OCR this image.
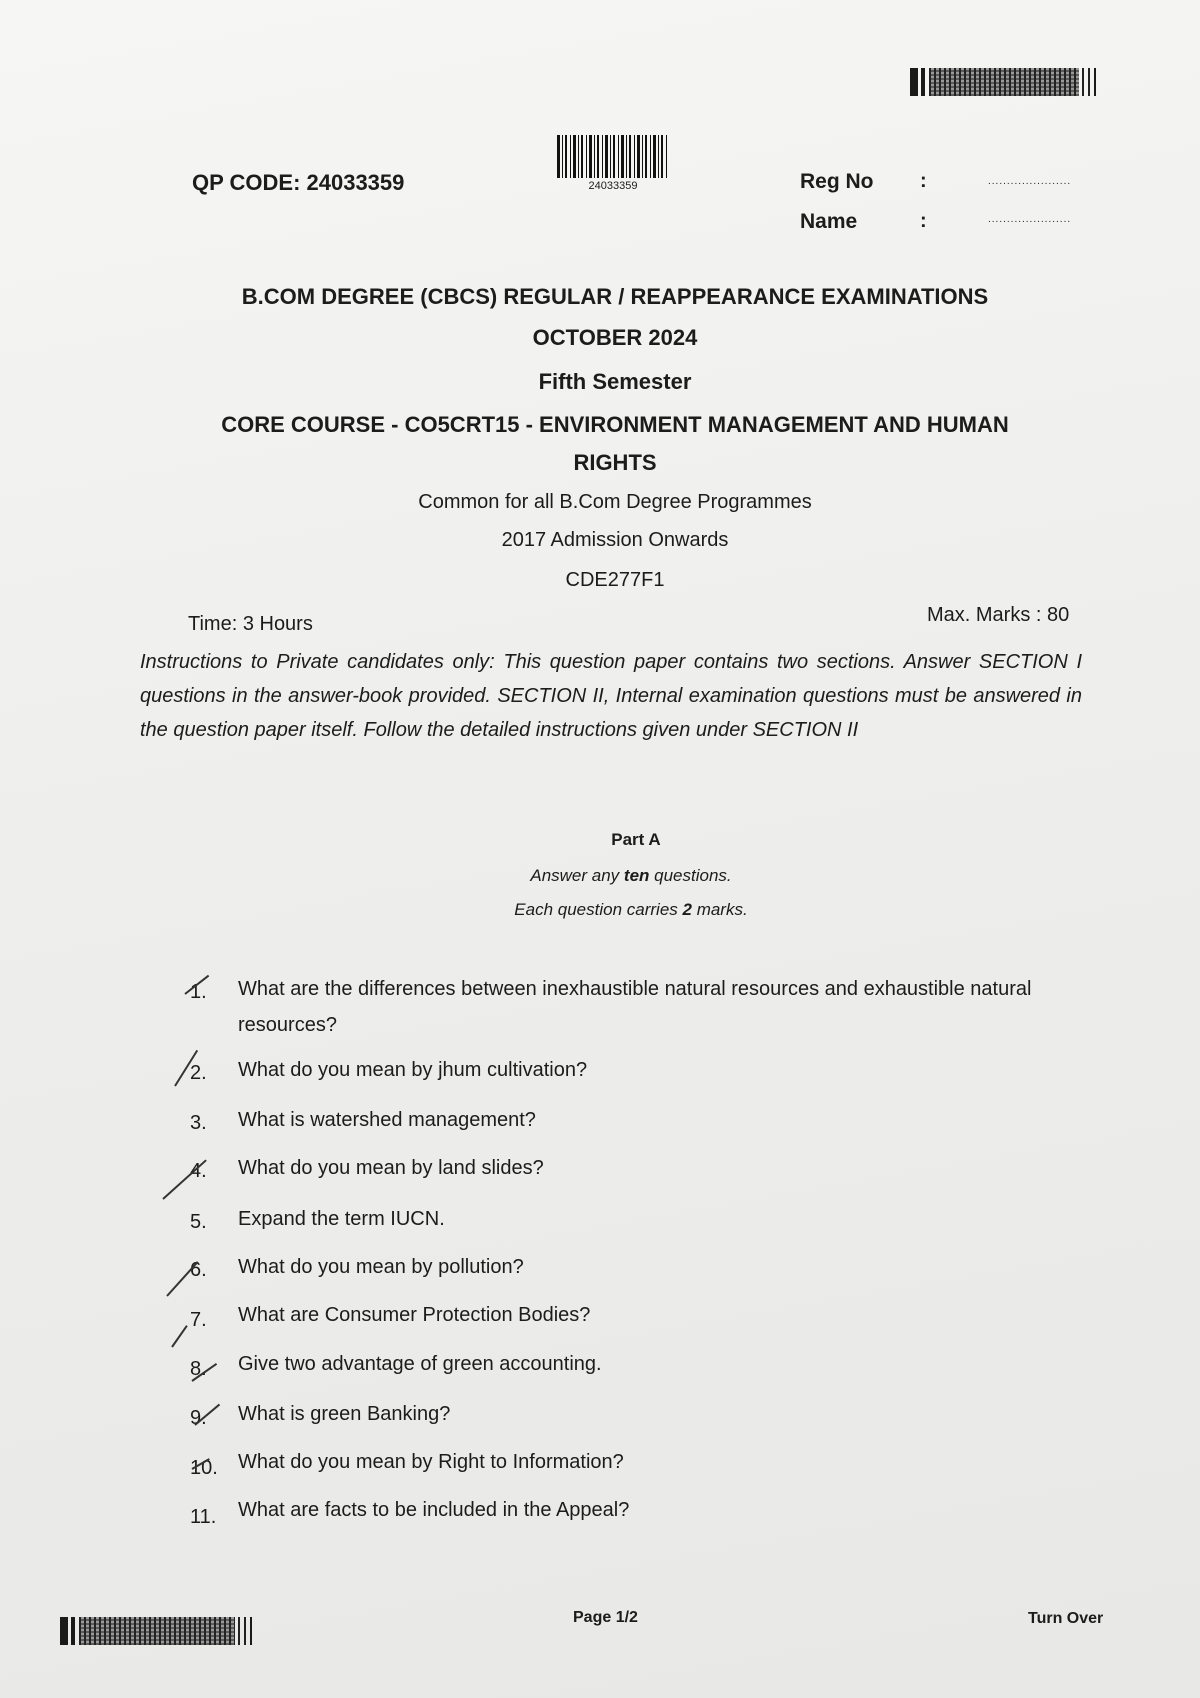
QP CODE: 24033359	24033359	Reg No :	......................
Name	:	......................
B.COM DEGREE (CBCS) REGULAR / REAPPEARANCE EXAMINATIONS
OCTOBER 2024
Fifth Semester
CORE COURSE - CO5CRT15 - ENVIRONMENT MANAGEMENT AND HUMAN
RIGHTS
Common for all B.Com Degree Programmes
2017 Admission Onwards
CDE277F1
Time: 3 Hours	Max. Marks : 80
Instructions to Private candidates only: This question paper contains two sections. Answer SECTION I questions in the answer-book provided. SECTION II, Internal examination questions must be answered in the question paper itself. Follow the detailed instructions given under SECTION II
Part A
Answer any ten questions.
Each question carries 2 marks.
1.	What are the differences between inexhaustible natural resources and exhaustible natural resources?
2.	What do you mean by jhum cultivation?
3.	What is watershed management?
4.	What do you mean by land slides?
5.	Expand the term IUCN.
6.	What do you mean by pollution?
7.	What are Consumer Protection Bodies?
8.	Give two advantage of green accounting.
9.	What is green Banking?
10.	What do you mean by Right to Information?
11.	What are facts to be included in the Appeal?
Page 1/2	Turn Over
